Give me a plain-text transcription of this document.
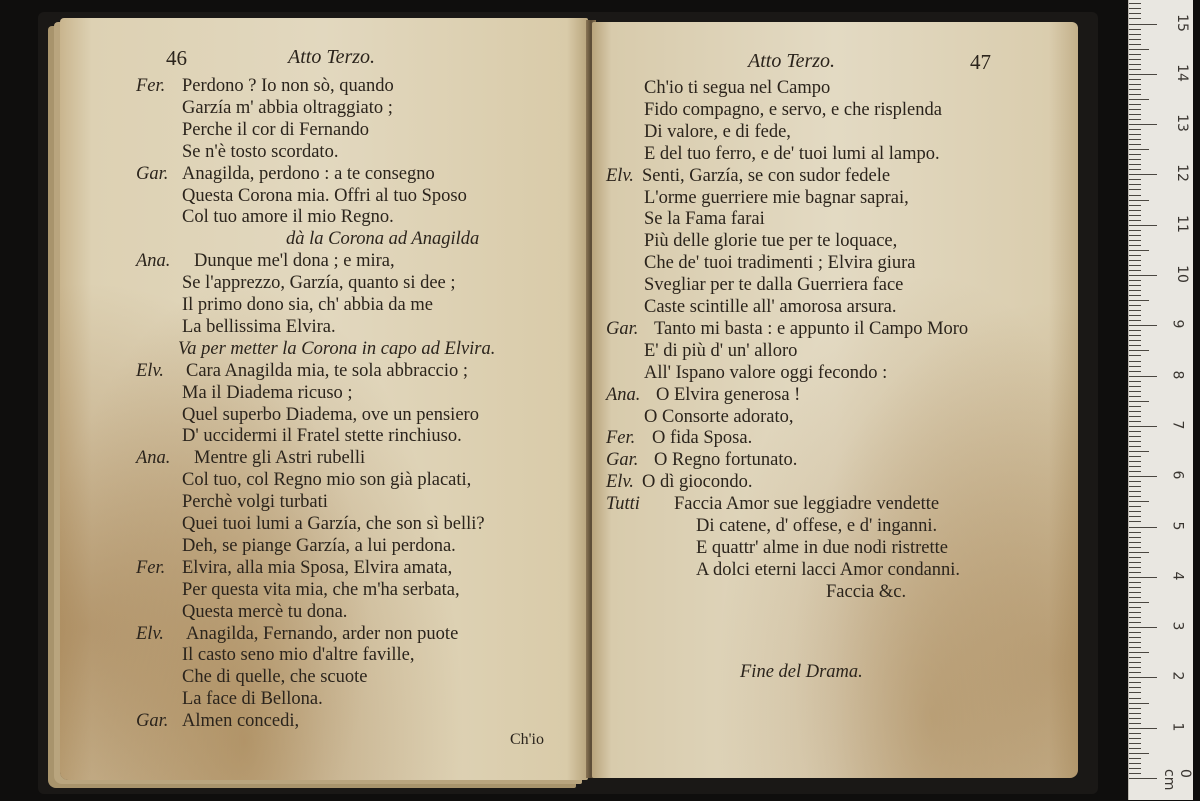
46	Atto Terzo.
Fer. Perdono ? Io non sò, quando
Garzía m' abbia oltraggiato ;
Perche il cor di Fernando
Se n'è tosto scordato.
Gar. Anagilda, perdono : a te consegno
Questa Corona mia. Offri al tuo Sposo
Col tuo amore il mio Regno.
dà la Corona ad Anagilda
Ana. Dunque me'l dona ; e mira,
Se l'apprezzo, Garzía, quanto si dee ;
Il primo dono sia, ch' abbia da me
La bellissima Elvira.
Va per metter la Corona in capo ad Elvira.
Elv. Cara Anagilda mia, te sola abbraccio ;
Ma il Diadema ricuso ;
Quel superbo Diadema, ove un pensiero
D' uccidermi il Fratel stette rinchiuso.
Ana. Mentre gli Astri rubelli
Col tuo, col Regno mio son già placati,
Perchè volgi turbati
Quei tuoi lumi a Garzía, che son sì belli?
Deh, se piange Garzía, a lui perdona.
Fer. Elvira, alla mia Sposa, Elvira amata,
Per questa vita mia, che m'ha serbata,
Questa mercè tu dona.
Elv. Anagilda, Fernando, arder non puote
Il casto seno mio d'altre faville,
Che di quelle, che scuote
La face di Bellona.
Gar. Almen concedi,
Ch'io
Atto Terzo.	47
Ch'io ti segua nel Campo
Fido compagno, e servo, e che risplenda
Di valore, e di fede,
E del tuo ferro, e de' tuoi lumi al lampo.
Elv. Senti, Garzía, se con sudor fedele
L'orme guerriere mie bagnar saprai,
Se la Fama farai
Più delle glorie tue per te loquace,
Che de' tuoi tradimenti ; Elvira giura
Svegliar per te dalla Guerriera face
Caste scintille all' amorosa arsura.
Gar. Tanto mi basta : e appunto il Campo Moro
E' di più d' un' alloro
All' Ispano valore oggi fecondo :
Ana. O Elvira generosa !
O Consorte adorato,
Fer. O fida Sposa.
Gar. O Regno fortunato.
Elv. O dì giocondo.
Tutti Faccia Amor sue leggiadre vendette
Di catene, d' offese, e d' inganni.
E quattr' alme in due nodi ristrette
A dolci eterni lacci Amor condanni.
Faccia &c.
Fine del Drama.
0 cm
1
2
3
4
5
6
7
8
9
10
11
12
13
14
15
